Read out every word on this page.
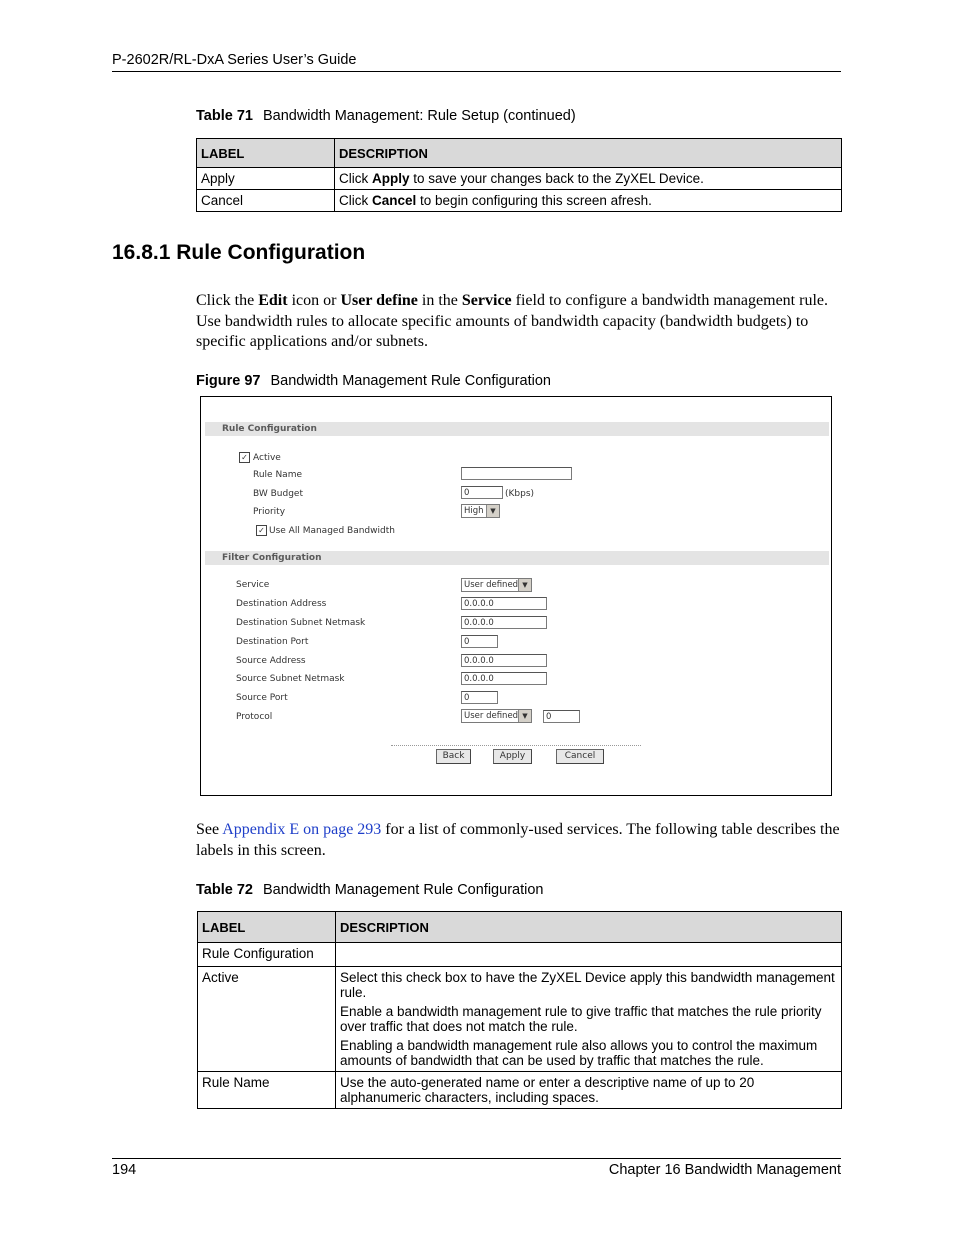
P-2602R/RL-DxA Series User’s Guide
Table 71 Bandwidth Management: Rule Setup (continued)
LABEL	DESCRIPTION
Apply	Click Apply to save your changes back to the ZyXEL Device.
Cancel	Click Cancel to begin configuring this screen afresh.
16.8.1 Rule Configuration
Click the Edit icon or User define in the Service field to configure a bandwidth management rule. Use bandwidth rules to allocate specific amounts of bandwidth capacity (bandwidth budgets) to specific applications and/or subnets.
Figure 97 Bandwidth Management Rule Configuration
Rule Configuration
✓ Active
Rule Name
BW Budget	0	(Kbps)
Priority	High ▼
✓ Use All Managed Bandwidth
Filter Configuration
Service	User defined ▼
Destination Address	0.0.0.0
Destination Subnet Netmask	0.0.0.0
Destination Port	0
Source Address	0.0.0.0
Source Subnet Netmask	0.0.0.0
Source Port	0
Protocol	User defined ▼	0
Back	Apply	Cancel
See Appendix E on page 293 for a list of commonly-used services. The following table describes the labels in this screen.
Table 72 Bandwidth Management Rule Configuration
LABEL	DESCRIPTION
Rule Configuration	
Active	Select this check box to have the ZyXEL Device apply this bandwidth management rule.

Enable a bandwidth management rule to give traffic that matches the rule priority over traffic that does not match the rule.

Enabling a bandwidth management rule also allows you to control the maximum amounts of bandwidth that can be used by traffic that matches the rule.

Rule Name	Use the auto-generated name or enter a descriptive name of up to 20 alphanumeric characters, including spaces.

194	Chapter 16 Bandwidth Management
